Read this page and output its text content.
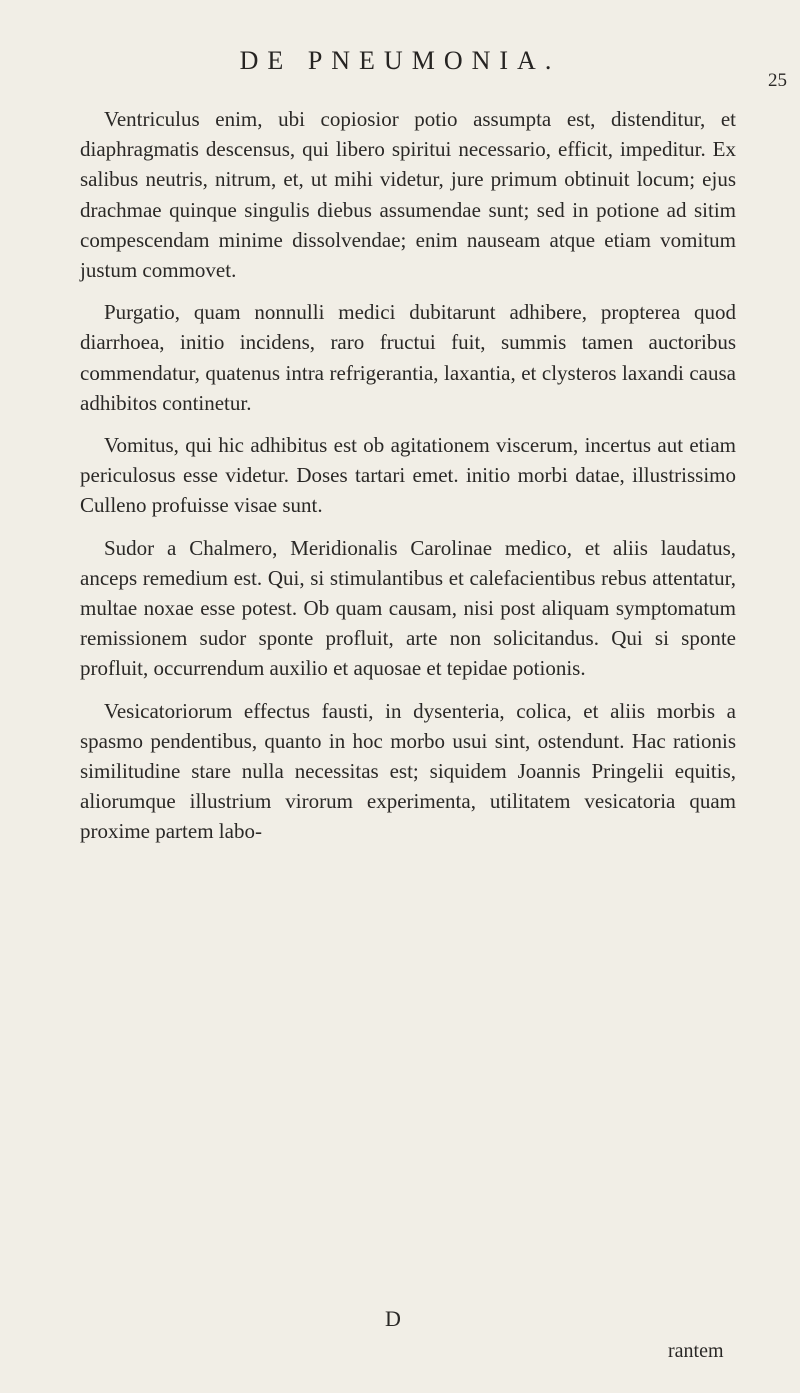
DE PNEUMONIA.
25

Ventriculus enim, ubi copiosior potio assumpta est, distenditur, et diaphragmatis descensus, qui libero spiritui necessario, efficit, impeditur. Ex salibus neutris, nitrum, et, ut mihi videtur, jure primum obtinuit locum; ejus drachmae quinque singulis diebus assumendae sunt; sed in potione ad sitim compescendam minime dissolvendae; enim nauseam atque etiam vomitum justum commovet.

Purgatio, quam nonnulli medici dubitarunt adhibere, propterea quod diarrhoea, initio incidens, raro fructui fuit, summis tamen auctoribus commendatur, quatenus intra refrigerantia, laxantia, et clysteros laxandi causa adhibitos continetur.

Vomitus, qui hic adhibitus est ob agitationem viscerum, incertus aut etiam periculosus esse videtur. Doses tartari emet. initio morbi datae, illustrissimo Culleno profuisse visae sunt.

Sudor a Chalmero, Meridionalis Carolinae medico, et aliis laudatus, anceps remedium est. Qui, si stimulantibus et calefacientibus rebus attentatur, multae noxae esse potest. Ob quam causam, nisi post aliquam symptomatum remissionem sudor sponte profluit, arte non solicitandus. Qui si sponte profluit, occurrendum auxilio et aquosae et tepidae potionis.

Vesicatoriorum effectus fausti, in dysenteria, colica, et aliis morbis a spasmo pendentibus, quanto in hoc morbo usui sint, ostendunt. Hac rationis similitudine stare nulla necessitas est; siquidem Joannis Pringelii equitis, aliorumque illustrium virorum experimenta, utilitatem vesicatoria quam proxime partem labo-

D
rantem
